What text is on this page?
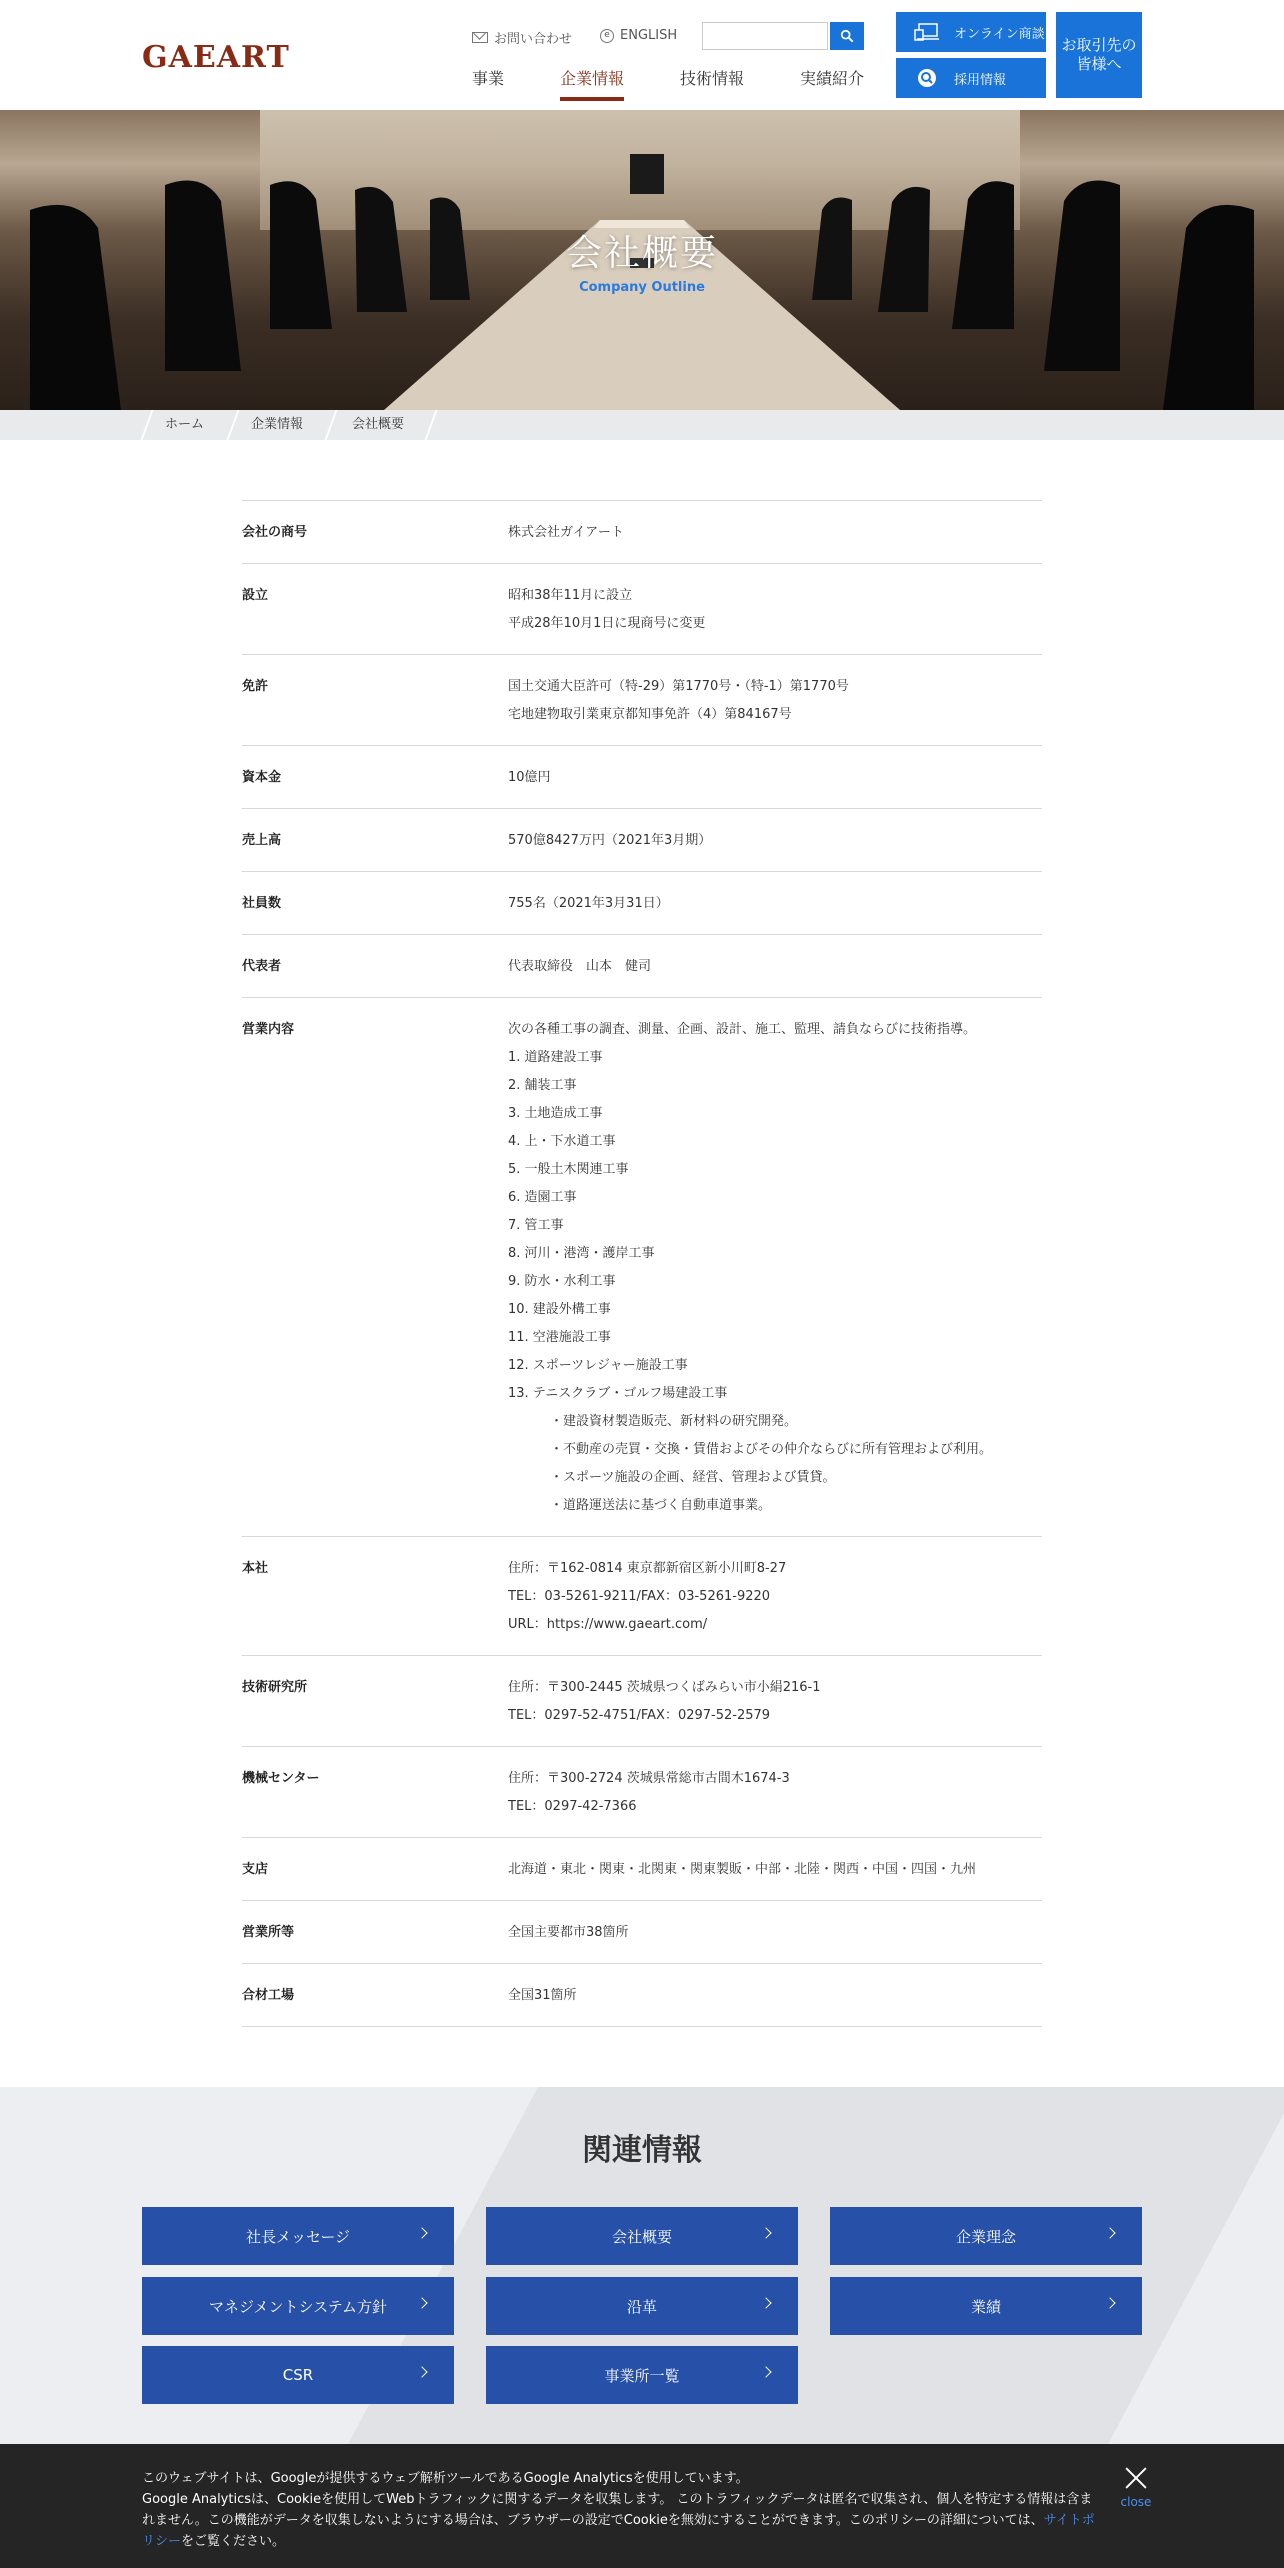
GAEART
お問い合わせ	e ENGLISH
事業	企業情報	技術情報	実績紹介
オンライン商談
採用情報
お取引先の皆様へ
会社概要
Company Outline
ホーム	企業情報	会社概要
会社の商号	株式会社ガイアート
設立	昭和38年11月に設立
平成28年10月1日に現商号に変更
免許	国土交通大臣許可（特-29）第1770号・（特-1）第1770号
宅地建物取引業東京都知事免許（4）第84167号
資本金	10億円
売上高	570億8427万円（2021年3月期）
社員数	755名（2021年3月31日）
代表者	代表取締役　山本　健司
営業内容	次の各種工事の調査、測量、企画、設計、施工、監理、請負ならびに技術指導。
1. 道路建設工事
2. 舗装工事
3. 土地造成工事
4. 上・下水道工事
5. 一般土木関連工事
6. 造園工事
7. 管工事
8. 河川・港湾・護岸工事
9. 防水・水利工事
10. 建設外構工事
11. 空港施設工事
12. スポーツレジャー施設工事
13. テニスクラブ・ゴルフ場建設工事
・建設資材製造販売、新材料の研究開発。
・不動産の売買・交換・賃借およびその仲介ならびに所有管理および利用。
・スポーツ施設の企画、経営、管理および賃貸。
・道路運送法に基づく自動車道事業。
本社	住所：〒162-0814 東京都新宿区新小川町8-27
TEL：03-5261-9211/FAX：03-5261-9220
URL：https://www.gaeart.com/
技術研究所	住所：〒300-2445 茨城県つくばみらい市小絹216-1
TEL：0297-52-4751/FAX：0297-52-2579
機械センター	住所：〒300-2724 茨城県常総市古間木1674-3
TEL：0297-42-7366
支店	北海道・東北・関東・北関東・関東製販・中部・北陸・関西・中国・四国・九州
営業所等	全国主要都市38箇所
合材工場	全国31箇所
関連情報
社長メッセージ	会社概要	企業理念
マネジメントシステム方針	沿革	業績
CSR	事業所一覧
このウェブサイトは、Googleが提供するウェブ解析ツールであるGoogle Analyticsを使用しています。
Google Analyticsは、Cookieを使用してWebトラフィックに関するデータを収集します。 このトラフィックデータは匿名で収集され、個人を特定する情報は含まれません。この機能がデータを収集しないようにする場合は、ブラウザーの設定でCookieを無効にすることができます。このポリシーの詳細については、サイトポリシーをご覧ください。
close
